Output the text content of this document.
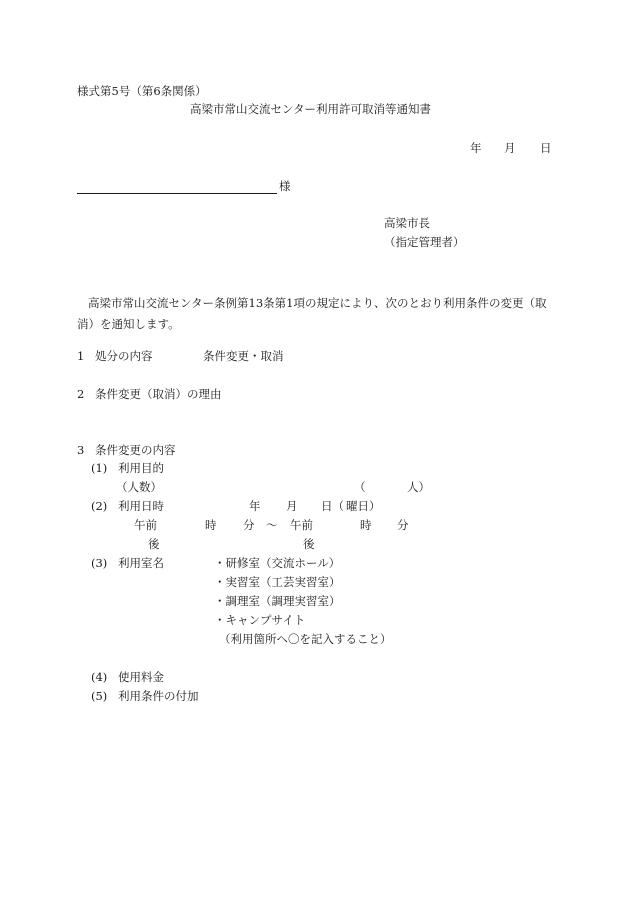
様式第5号（第6条関係）
高梁市常山交流センター利用許可取消等通知書
年 月 日
様
高梁市長
（指定管理者）
高梁市常山交流センター条例第13条第1項の規定により、次のとおり利用条件の変更（取消）を通知します。
1 処分の内容	条件変更・取消
2 条件変更（取消）の理由
3 条件変更の内容
(1) 利用目的
（人数）	（	人）
(2) 利用日時	年 月 日（ 曜日）
午前	時 分 ～ 午前	時 分
後	後
(3) 利用室名	・研修室（交流ホール）
・実習室（工芸実習室）
・調理室（調理実習室）
・キャンプサイト
（利用箇所へ〇を記入すること）
(4) 使用料金
(5) 利用条件の付加
